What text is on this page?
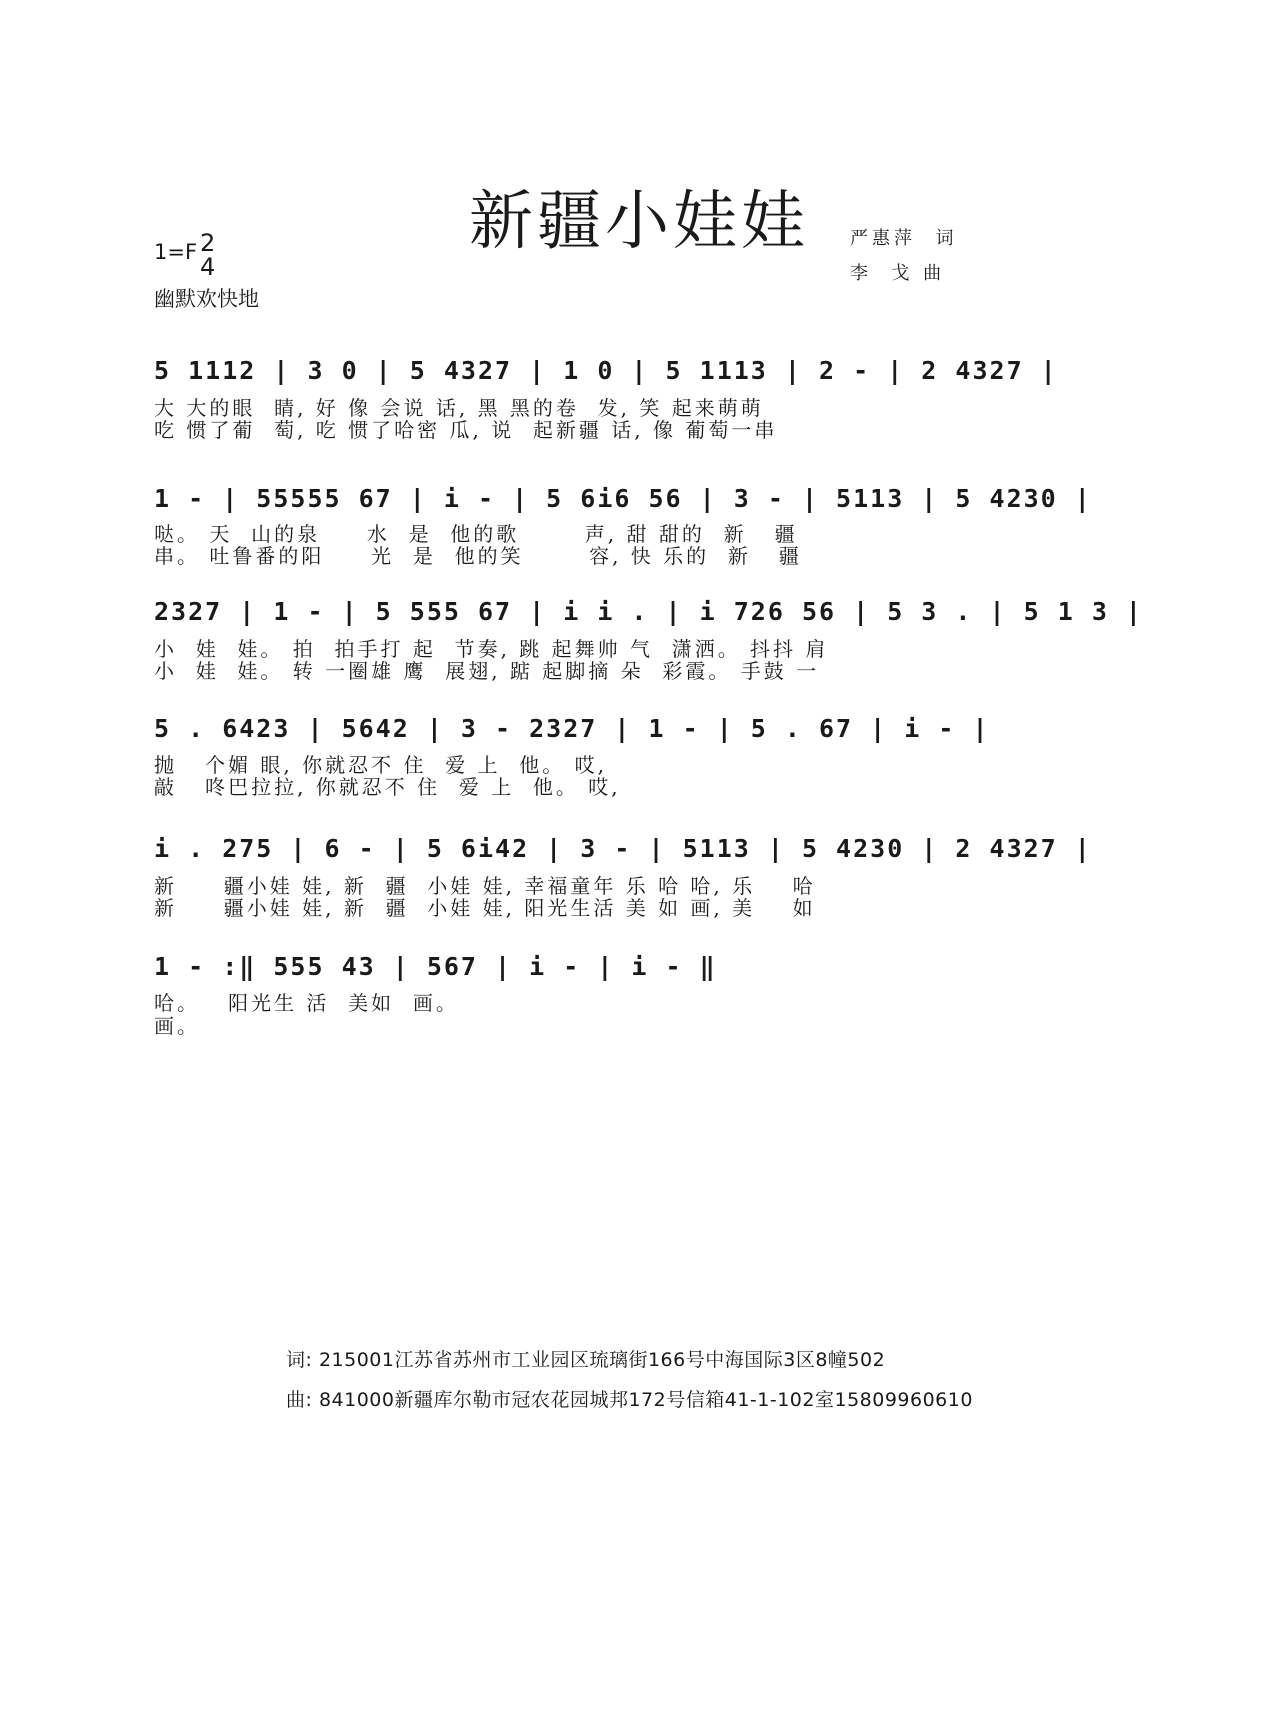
新疆小娃娃
1=F 2
4
幽默欢快地
严惠萍  词
李  戈 曲
5 1112 | 3 0 | 5 4327 | 1 0 | 5 1113 | 2 - | 2 4327 |
大 大的眼  睛, 好 像 会说 话, 黑 黑的卷  发, 笑 起来萌萌
吃 惯了葡  萄, 吃 惯了哈密 瓜, 说  起新疆 话, 像 葡萄一串
1 - | 55555 67 | i - | 5 6i6 56 | 3 - | 5113 | 5 4230 |
哒。 天  山的泉     水  是  他的歌       声, 甜 甜的  新   疆
串。 吐鲁番的阳     光  是  他的笑       容, 快 乐的  新   疆
2327 | 1 - | 5 555 67 | i i . | i 726 56 | 5 3 . | 5 1 3 |
小  娃  娃。 拍  拍手打 起  节奏, 跳 起舞帅 气  潇洒。 抖抖 肩
小  娃  娃。 转 一圈雄 鹰  展翅, 踮 起脚摘 朵  彩霞。 手鼓 一
5 . 6423 | 5642 | 3 - 2327 | 1 - | 5 . 67 | i - |
抛   个媚 眼, 你就忍不 住  爱 上  他。 哎,
敲   咚巴拉拉, 你就忍不 住  爱 上  他。 哎,
i . 275 | 6 - | 5 6i42 | 3 - | 5113 | 5 4230 | 2 4327 |
新     疆小娃 娃, 新  疆  小娃 娃, 幸福童年 乐 哈 哈, 乐    哈
新     疆小娃 娃, 新  疆  小娃 娃, 阳光生活 美 如 画, 美    如
1 - :‖ 555 43 | 567 | i - | i - ‖
哈。   阳光生 活  美如  画。
画。
词: 215001江苏省苏州市工业园区琉璃街166号中海国际3区8幢502
曲: 841000新疆库尔勒市冠农花园城邦172号信箱41-1-102室15809960610
